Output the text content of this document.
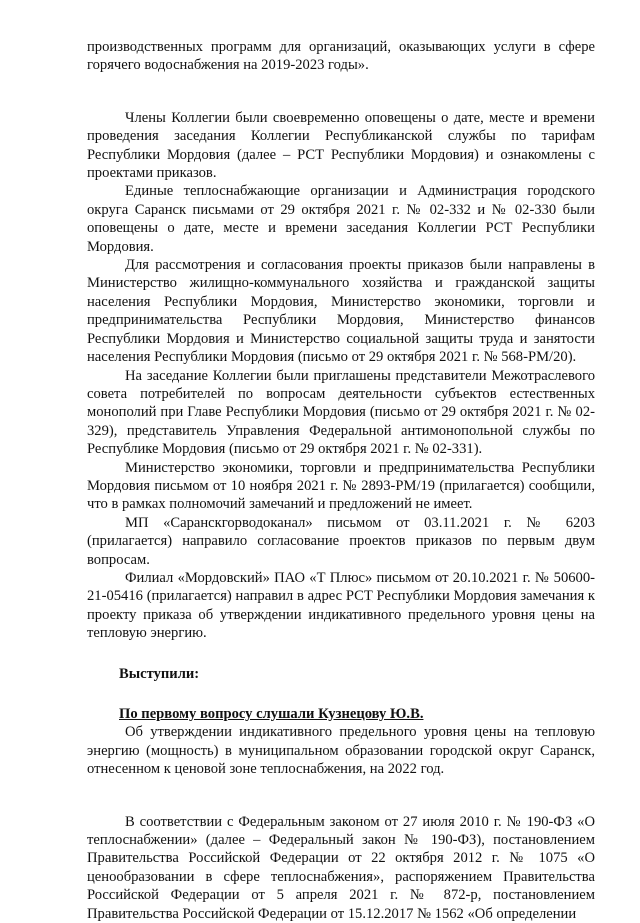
производственных программ для организаций, оказывающих услуги в сфере горячего водоснабжения на 2019-2023 годы».

Члены Коллегии были своевременно оповещены о дате, месте и времени проведения заседания Коллегии Республиканской службы по тарифам Республики Мордовия (далее – РСТ Республики Мордовия) и ознакомлены с проектами приказов.

Единые теплоснабжающие организации и Администрация городского округа Саранск письмами от 29 октября 2021 г. № 02-332 и № 02-330 были оповещены о дате, месте и времени заседания Коллегии РСТ Республики Мордовия.

Для рассмотрения и согласования проекты приказов были направлены в Министерство жилищно-коммунального хозяйства и гражданской защиты населения Республики Мордовия, Министерство экономики, торговли и предпринимательства Республики Мордовия, Министерство финансов Республики Мордовия и Министерство социальной защиты труда и занятости населения Республики Мордовия (письмо от 29 октября 2021 г. № 568-РМ/20).

На заседание Коллегии были приглашены представители Межотраслевого совета потребителей по вопросам деятельности субъектов естественных монополий при Главе Республики Мордовия (письмо от 29 октября 2021 г. № 02-329), представитель Управления Федеральной антимонопольной службы по Республике Мордовия (письмо от 29 октября 2021 г. № 02-331).

Министерство экономики, торговли и предпринимательства Республики Мордовия письмом от 10 ноября 2021 г. № 2893-РМ/19 (прилагается) сообщили, что в рамках полномочий замечаний и предложений не имеет.

МП «Саранскгорводоканал» письмом от 03.11.2021 г. № 6203 (прилагается) направило согласование проектов приказов по первым двум вопросам.

Филиал «Мордовский» ПАО «Т Плюс» письмом от 20.10.2021 г. № 50600-21-05416 (прилагается) направил в адрес РСТ Республики Мордовия замечания к проекту приказа об утверждении индикативного предельного уровня цены на тепловую энергию.

Выступили:

По первому вопросу слушали Кузнецову Ю.В.

Об утверждении индикативного предельного уровня цены на тепловую энергию (мощность) в муниципальном образовании городской округ Саранск, отнесенном к ценовой зоне теплоснабжения, на 2022 год.

В соответствии с Федеральным законом от 27 июля 2010 г. № 190-ФЗ «О теплоснабжении» (далее – Федеральный закон № 190-ФЗ), постановлением Правительства Российской Федерации от 22 октября 2012 г. № 1075 «О ценообразовании в сфере теплоснабжения», распоряжением Правительства Российской Федерации от 5 апреля 2021 г. № 872-р, постановлением Правительства Российской Федерации от 15.12.2017 № 1562 «Об определении
